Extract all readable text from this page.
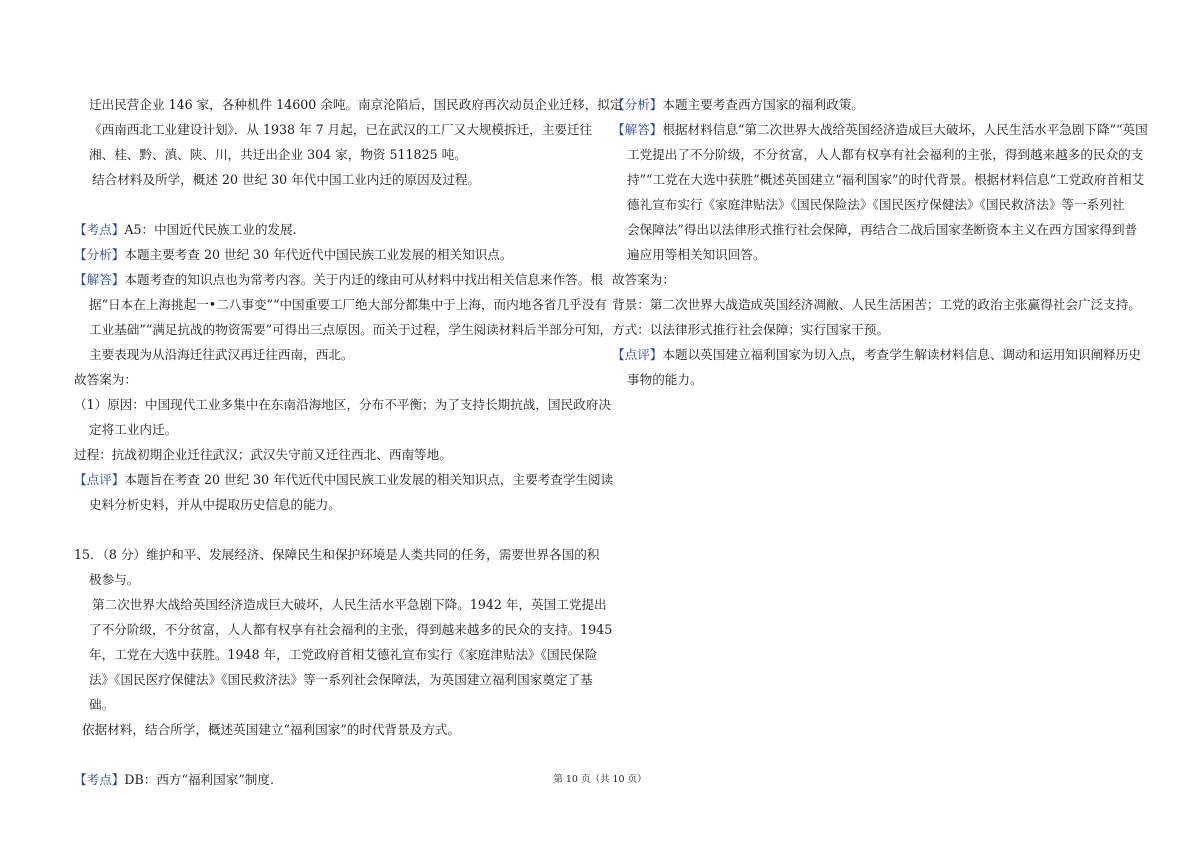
迁出民营企业 146 家，各种机件 14600 余吨。南京沦陷后，国民政府再次动员企业迁移，拟定

《西南西北工业建设计划》．从 1938 年 7 月起，已在武汉的工厂又大规模拆迁，主要迁往

湘、桂、黔、滇、陕、川，共迁出企业 304 家，物资 511825 吨。

结合材料及所学，概述 20 世纪 30 年代中国工业内迁的原因及过程。

【考点】A5：中国近代民族工业的发展.

【分析】本题主要考查 20 世纪 30 年代近代中国民族工业发展的相关知识点。

【解答】本题考查的知识点也为常考内容。关于内迁的缘由可从材料中找出相关信息来作答。根

据“日本在上海挑起一•二八事变”“中国重要工厂绝大部分都集中于上海，而内地各省几乎没有

工业基础”“满足抗战的物资需要”可得出三点原因。而关于过程，学生阅读材料后半部分可知，

主要表现为从沿海迁往武汉再迁往西南，西北。

故答案为：

（1）原因：中国现代工业多集中在东南沿海地区，分布不平衡；为了支持长期抗战，国民政府决

定将工业内迁。

过程：抗战初期企业迁往武汉；武汉失守前又迁往西北、西南等地。

【点评】本题旨在考查 20 世纪 30 年代近代中国民族工业发展的相关知识点，主要考查学生阅读

史料分析史料，并从中提取历史信息的能力。

15．（8 分）维护和平、发展经济、保障民生和保护环境是人类共同的任务，需要世界各国的积

极参与。

第二次世界大战给英国经济造成巨大破坏，人民生活水平急剧下降。1942 年，英国工党提出

了不分阶级，不分贫富，人人都有权享有社会福利的主张，得到越来越多的民众的支持。1945

年，工党在大选中获胜。1948 年，工党政府首相艾德礼宣布实行《家庭津贴法》《国民保险

法》《国民医疗保健法》《国民救济法》等一系列社会保障法，为英国建立福利国家奠定了基

础。

依据材料，结合所学，概述英国建立“福利国家”的时代背景及方式。

【考点】DB：西方“福利国家”制度.

【分析】本题主要考查西方国家的福利政策。

【解答】根据材料信息“第二次世界大战给英国经济造成巨大破坏，人民生活水平急剧下降”“英国

工党提出了不分阶级，不分贫富，人人都有权享有社会福利的主张，得到越来越多的民众的支

持”“工党在大选中获胜”概述英国建立“福利国家”的时代背景。根据材料信息“工党政府首相艾

德礼宣布实行《家庭津贴法》《国民保险法》《国民医疗保健法》《国民救济法》等一系列社

会保障法”得出以法律形式推行社会保障，再结合二战后国家垄断资本主义在西方国家得到普

遍应用等相关知识回答。

故答案为：

背景：第二次世界大战造成英国经济凋敝、人民生活困苦；工党的政治主张赢得社会广泛支持。

方式：以法律形式推行社会保障；实行国家干预。

【点评】本题以英国建立福利国家为切入点，考查学生解读材料信息、调动和运用知识阐释历史

事物的能力。

第 10 页（共 10 页）
